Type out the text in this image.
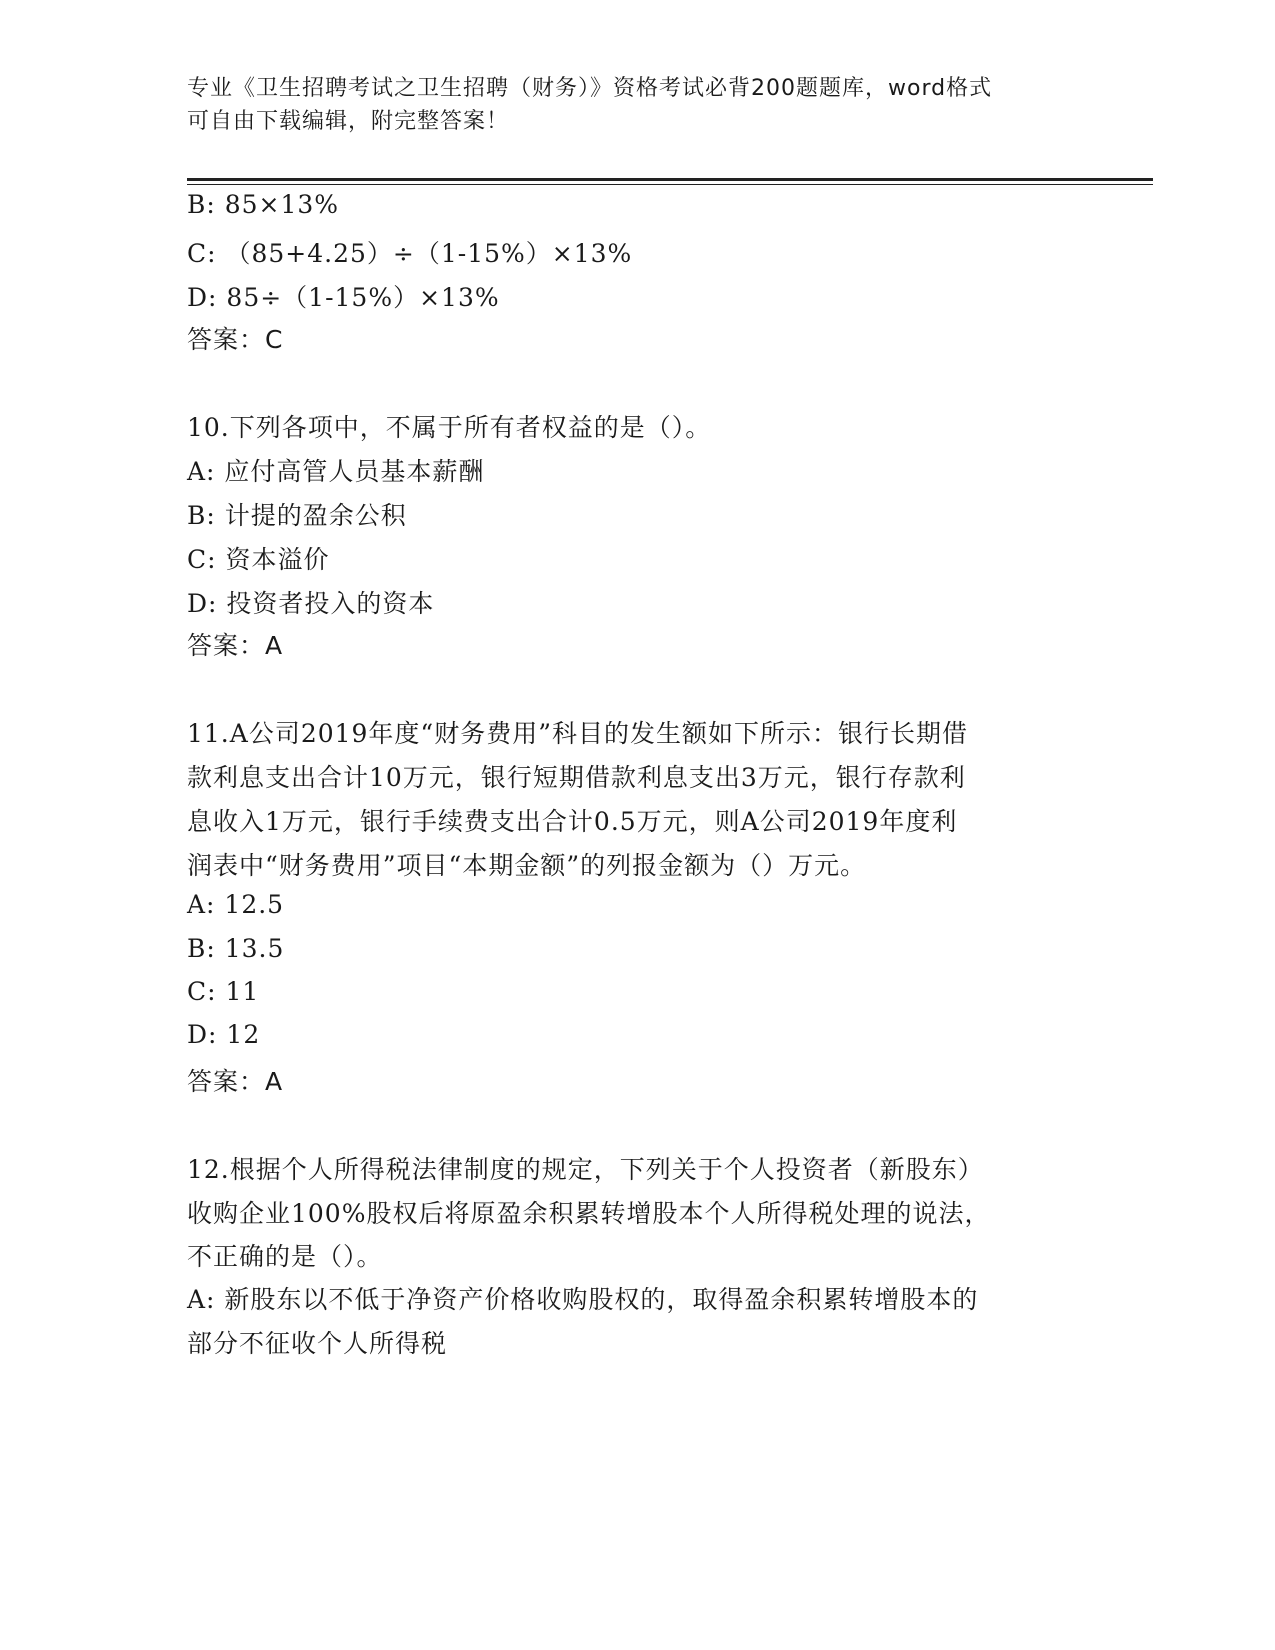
专业《卫生招聘考试之卫生招聘（财务）》资格考试必背200题题库，word格式
可自由下载编辑，附完整答案！
B: 85×13%
C: （85+4.25）÷（1-15%）×13%
D: 85÷（1-15%）×13%
答案：C
10.下列各项中，不属于所有者权益的是（）。
A: 应付高管人员基本薪酬
B: 计提的盈余公积
C: 资本溢价
D: 投资者投入的资本
答案：A
11.A公司2019年度“财务费用”科目的发生额如下所示：银行长期借
款利息支出合计10万元，银行短期借款利息支出3万元，银行存款利
息收入1万元，银行手续费支出合计0.5万元，则A公司2019年度利
润表中“财务费用”项目“本期金额”的列报金额为（）万元。
A: 12.5
B: 13.5
C: 11
D: 12
答案：A
12.根据个人所得税法律制度的规定，下列关于个人投资者（新股东）
收购企业100%股权后将原盈余积累转增股本个人所得税处理的说法，
不正确的是（）。
A: 新股东以不低于净资产价格收购股权的，取得盈余积累转增股本的
部分不征收个人所得税
